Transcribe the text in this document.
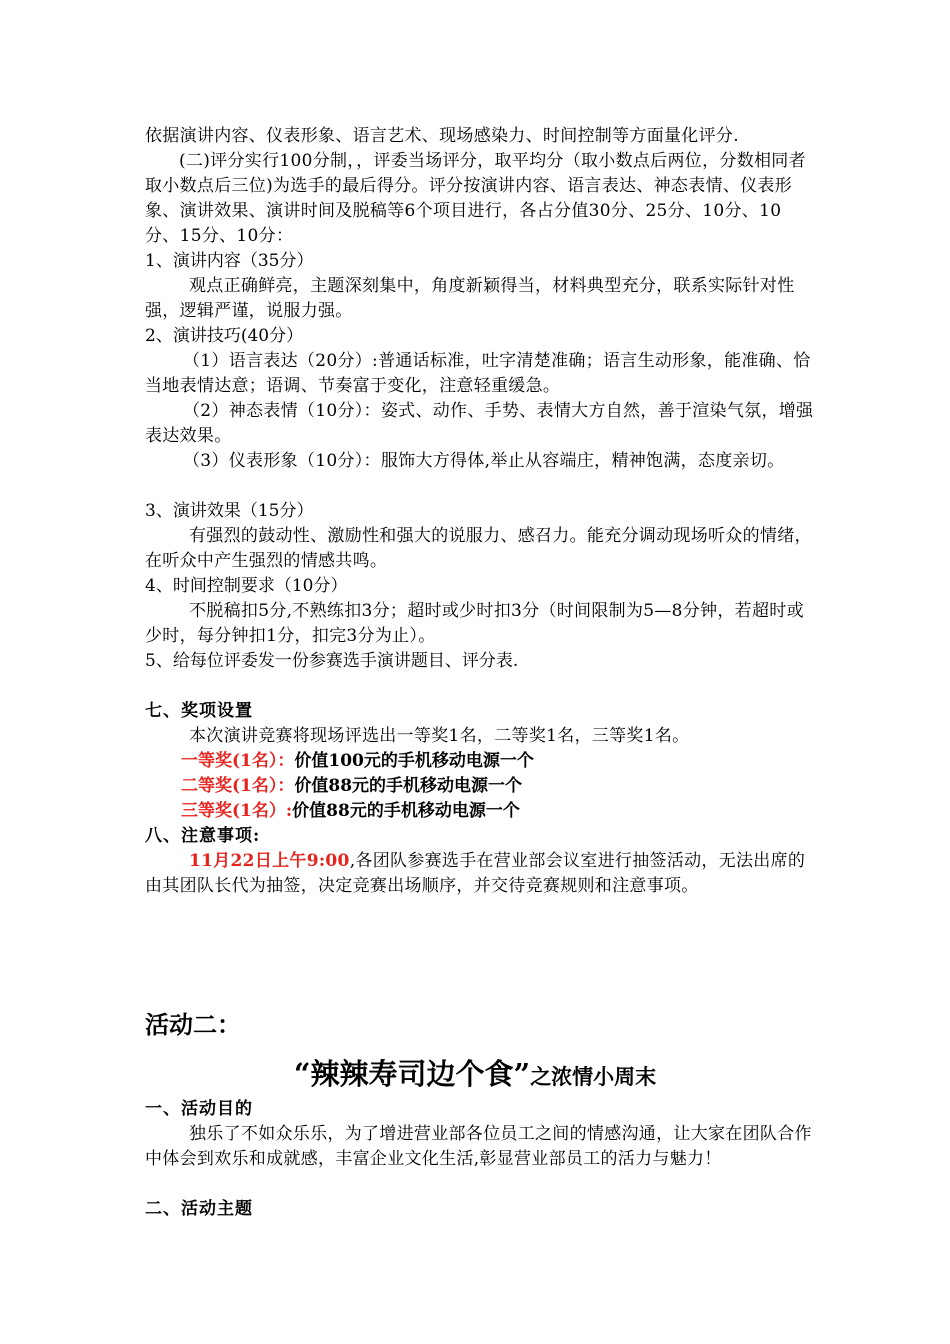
依据演讲内容、仪表形象、语言艺术、现场感染力、时间控制等方面量化评分.

(二)评分实行100分制，，评委当场评分，取平均分（取小数点后两位，分数相同者取小数点后三位)为选手的最后得分。评分按演讲内容、语言表达、神态表情、仪表形象、演讲效果、演讲时间及脱稿等6个项目进行，各占分值30分、25分、10分、10分、15分、10分：

1、演讲内容（35分）

观点正确鲜亮，主题深刻集中，角度新颖得当，材料典型充分，联系实际针对性强，逻辑严谨，说服力强。

2、演讲技巧(40分）

（1）语言表达（20分）:普通话标准，吐字清楚准确；语言生动形象，能准确、恰当地表情达意；语调、节奏富于变化，注意轻重缓急。

（2）神态表情（10分）：姿式、动作、手势、表情大方自然，善于渲染气氛，增强表达效果。

（3）仪表形象（10分）：服饰大方得体,举止从容端庄，精神饱满，态度亲切。

3、演讲效果（15分）

有强烈的鼓动性、激励性和强大的说服力、感召力。能充分调动现场听众的情绪，在听众中产生强烈的情感共鸣。

4、时间控制要求（10分）

不脱稿扣5分,不熟练扣3分；超时或少时扣3分（时间限制为5—8分钟，若超时或少时，每分钟扣1分，扣完3分为止）。

5、给每位评委发一份参赛选手演讲题目、评分表.

七、奖项设置

本次演讲竞赛将现场评选出一等奖1名，二等奖1名，三等奖1名。

一等奖(1名）：价值100元的手机移动电源一个
二等奖(1名）：价值88元的手机移动电源一个
三等奖(1名）:价值88元的手机移动电源一个

八、注意事项:

11月22日上午9:00,各团队参赛选手在营业部会议室进行抽签活动，无法出席的由其团队长代为抽签，决定竞赛出场顺序，并交待竞赛规则和注意事项。

活动二：
“辣辣寿司边个食”之浓情小周末

一、活动目的

独乐了不如众乐乐，为了增进营业部各位员工之间的情感沟通，让大家在团队合作中体会到欢乐和成就感，丰富企业文化生活,彰显营业部员工的活力与魅力！

二、活动主题
